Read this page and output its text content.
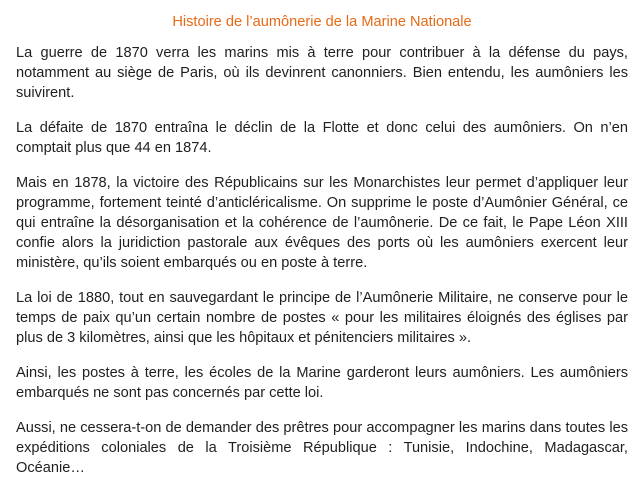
Histoire de l’aumônerie de la Marine Nationale

La guerre de 1870 verra les marins mis à terre pour contribuer à la défense du pays, notamment au siège de Paris, où ils devinrent canonniers. Bien entendu, les aumôniers les suivirent.

La défaite de 1870 entraîna le déclin de la Flotte et donc celui des aumôniers. On n’en comptait plus que 44 en 1874.

Mais en 1878, la victoire des Républicains sur les Monarchistes leur permet d’appliquer leur programme, fortement teinté d’anticléricalisme. On supprime le poste d’Aumônier Général, ce qui entraîne la désorganisation et la cohérence de l’aumônerie. De ce fait, le Pape Léon XIII confie alors la juridiction pastorale aux évêques des ports où les aumôniers exercent leur ministère, qu’ils soient embarqués ou en poste à terre.

La loi de 1880, tout en sauvegardant le principe de l’Aumônerie Militaire, ne conserve pour le temps de paix qu’un certain nombre de postes « pour les militaires éloignés des églises par plus de 3 kilomètres, ainsi que les hôpitaux et pénitenciers militaires ».

Ainsi, les postes à terre, les écoles de la Marine garderont leurs aumôniers. Les aumôniers embarqués ne sont pas concernés par cette loi.

Aussi, ne cessera-t-on de demander des prêtres pour accompagner les marins dans toutes les expéditions coloniales de la Troisième République : Tunisie, Indochine, Madagascar, Océanie…
